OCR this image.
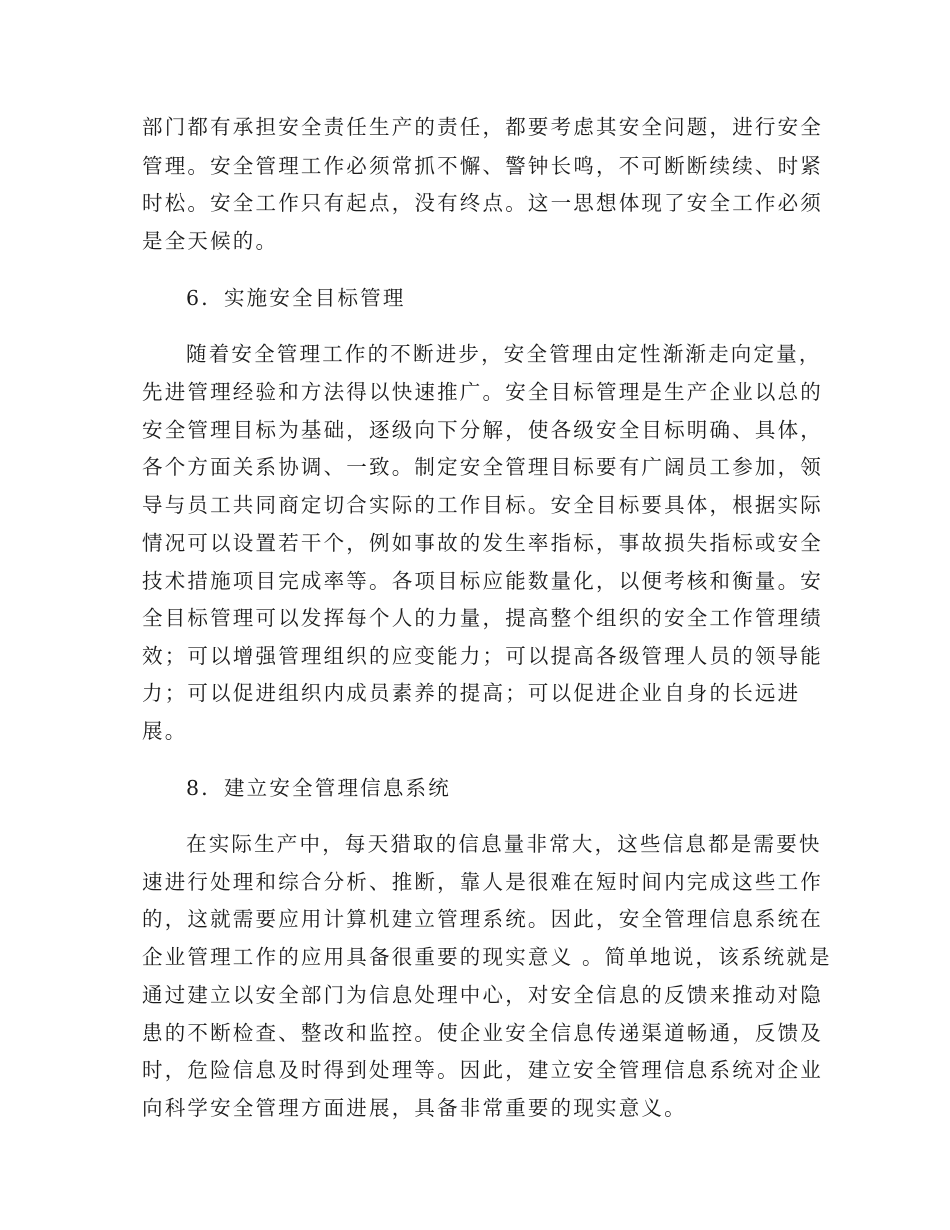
部门都有承担安全责任生产的责任，都要考虑其安全问题，进行安全
管理。安全管理工作必须常抓不懈、警钟长鸣，不可断断续续、时紧
时松。安全工作只有起点，没有终点。这一思想体现了安全工作必须
是全天候的。
6．实施安全目标管理
随着安全管理工作的不断进步，安全管理由定性渐渐走向定量，
先进管理经验和方法得以快速推广。安全目标管理是生产企业以总的
安全管理目标为基础，逐级向下分解，使各级安全目标明确、具体，
各个方面关系协调、一致。制定安全管理目标要有广阔员工参加，领
导与员工共同商定切合实际的工作目标。安全目标要具体，根据实际
情况可以设置若干个，例如事故的发生率指标，事故损失指标或安全
技术措施项目完成率等。各项目标应能数量化，以便考核和衡量。安
全目标管理可以发挥每个人的力量，提高整个组织的安全工作管理绩
效；可以增强管理组织的应变能力；可以提高各级管理人员的领导能
力；可以促进组织内成员素养的提高；可以促进企业自身的长远进
展。
8．建立安全管理信息系统
在实际生产中，每天猎取的信息量非常大，这些信息都是需要快
速进行处理和综合分析、推断，靠人是很难在短时间内完成这些工作
的，这就需要应用计算机建立管理系统。因此，安全管理信息系统在
企业管理工作的应用具备很重要的现实意义 。简单地说，该系统就是
通过建立以安全部门为信息处理中心，对安全信息的反馈来推动对隐
患的不断检查、整改和监控。使企业安全信息传递渠道畅通，反馈及
时，危险信息及时得到处理等。因此，建立安全管理信息系统对企业
向科学安全管理方面进展，具备非常重要的现实意义。
